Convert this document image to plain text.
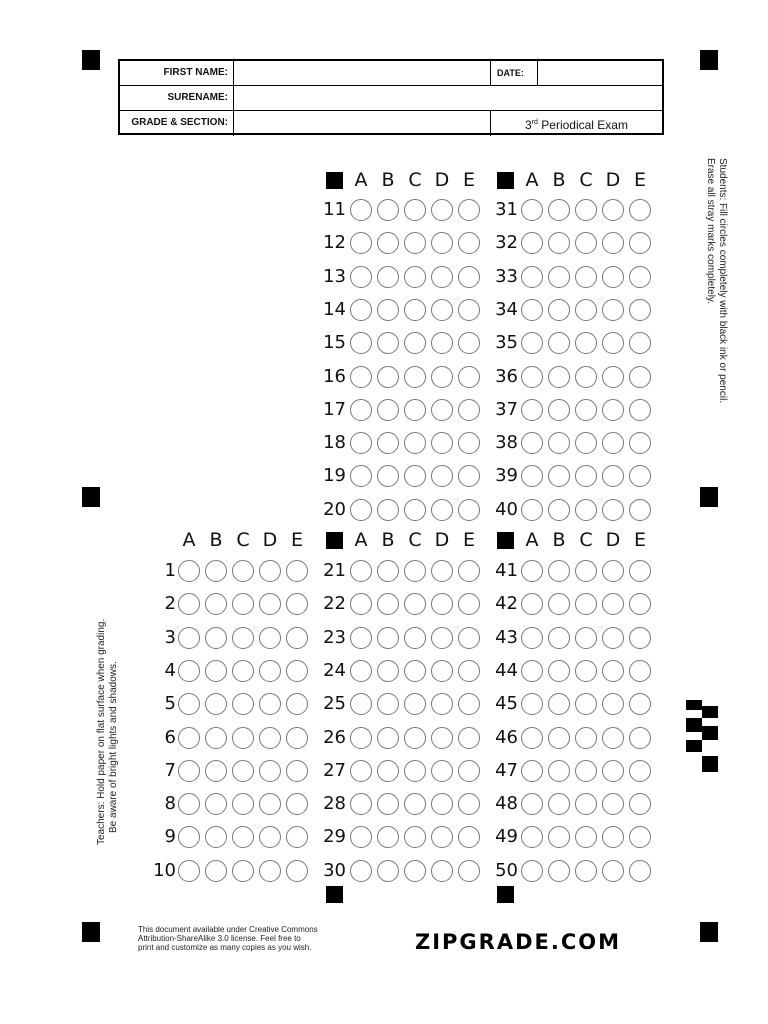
FIRST NAME:	DATE:
SURENAME:
GRADE & SECTION:	3rd Periodical Exam
A B C D E
1
2
3
4
5
6
7
8
9
10
A B C D E
11
12
13
14
15
16
17
18
19
20
A B C D E
21
22
23
24
25
26
27
28
29
30
A B C D E
31
32
33
34
35
36
37
38
39
40
A B C D E
41
42
43
44
45
46
47
48
49
50
Students: Fill circles completely with black ink or pencil.
Erase all stray marks completely.
Teachers: Hold paper on flat surface when grading. Be aware of bright lights and shadows.
This document available under Creative Commons
Attribution-ShareAlike 3.0 license. Feel free to
print and customize as many copies as you wish.	ZIPGRADE.COM
